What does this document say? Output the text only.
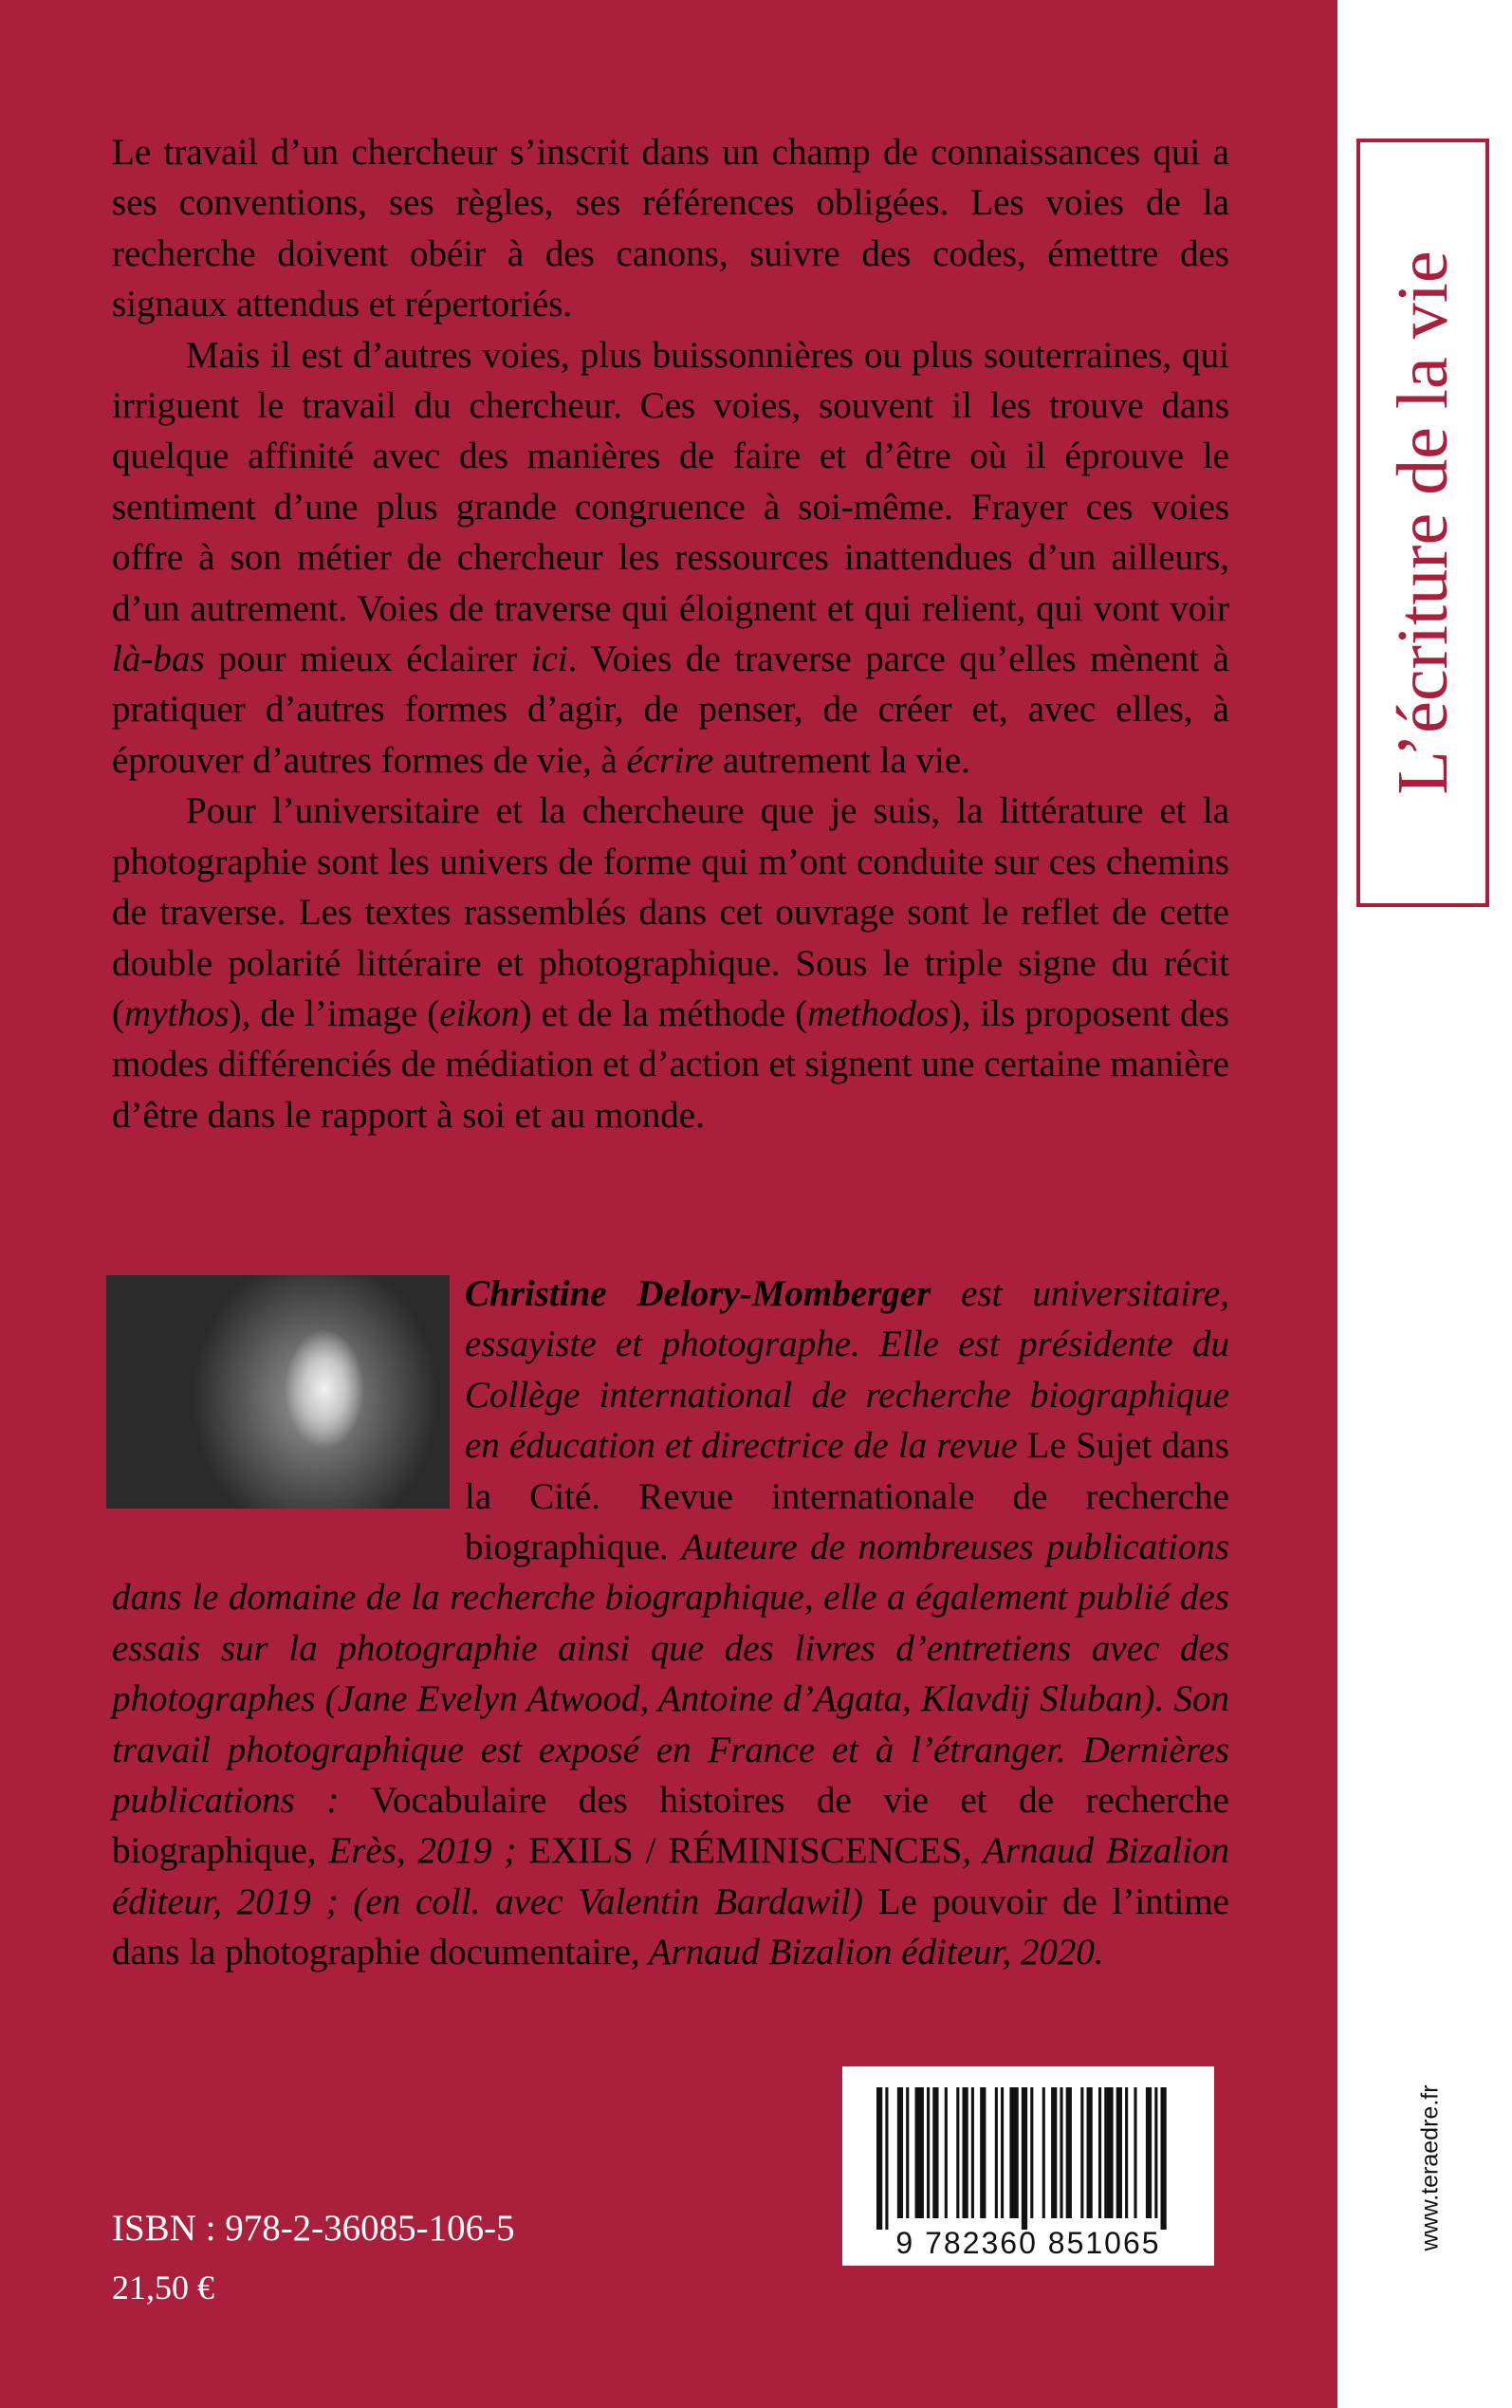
L’écriture de la vie
www.teraedre.fr

Le travail d’un chercheur s’inscrit dans un champ de connaissances qui a ses conventions, ses règles, ses références obligées. Les voies de la recherche doivent obéir à des canons, suivre des codes, émettre des signaux attendus et répertoriés.

Mais il est d’autres voies, plus buissonnières ou plus souterraines, qui irriguent le travail du chercheur. Ces voies, souvent il les trouve dans quelque affinité avec des manières de faire et d’être où il éprouve le sentiment d’une plus grande congruence à soi-même. Frayer ces voies offre à son métier de chercheur les ressources inattendues d’un ailleurs, d’un autrement. Voies de traverse qui éloignent et qui relient, qui vont voir là-bas pour mieux éclairer ici. Voies de traverse parce qu’elles mènent à pratiquer d’autres formes d’agir, de penser, de créer et, avec elles, à éprouver d’autres formes de vie, à écrire autrement la vie.

Pour l’universitaire et la chercheure que je suis, la littérature et la photographie sont les univers de forme qui m’ont conduite sur ces chemins de traverse. Les textes rassemblés dans cet ouvrage sont le reflet de cette double polarité littéraire et photographique. Sous le triple signe du récit (mythos), de l’image (eikon) et de la méthode (methodos), ils proposent des modes différenciés de médiation et d’action et signent une certaine manière d’être dans le rapport à soi et au monde.

Christine Delory-Momberger est universitaire, essayiste et photographe. Elle est présidente du Collège international de recherche biographique en éducation et directrice de la revue Le Sujet dans la Cité. Revue internationale de recherche biographique. Auteure de nombreuses publications dans le domaine de la recherche biographique, elle a également publié des essais sur la photographie ainsi que des livres d’entretiens avec des photographes (Jane Evelyn Atwood, Antoine d’Agata, Klavdij Sluban). Son travail photographique est exposé en France et à l’étranger. Dernières publications : Vocabulaire des histoires de vie et de recherche biographique, Erès, 2019 ; EXILS / RÉMINISCENCES, Arnaud Bizalion éditeur, 2019 ; (en coll. avec Valentin Bardawil) Le pouvoir de l’intime dans la photographie documentaire, Arnaud Bizalion éditeur, 2020.
9 782360 851065
ISBN : 978-2-36085-106-5
21,50 €
